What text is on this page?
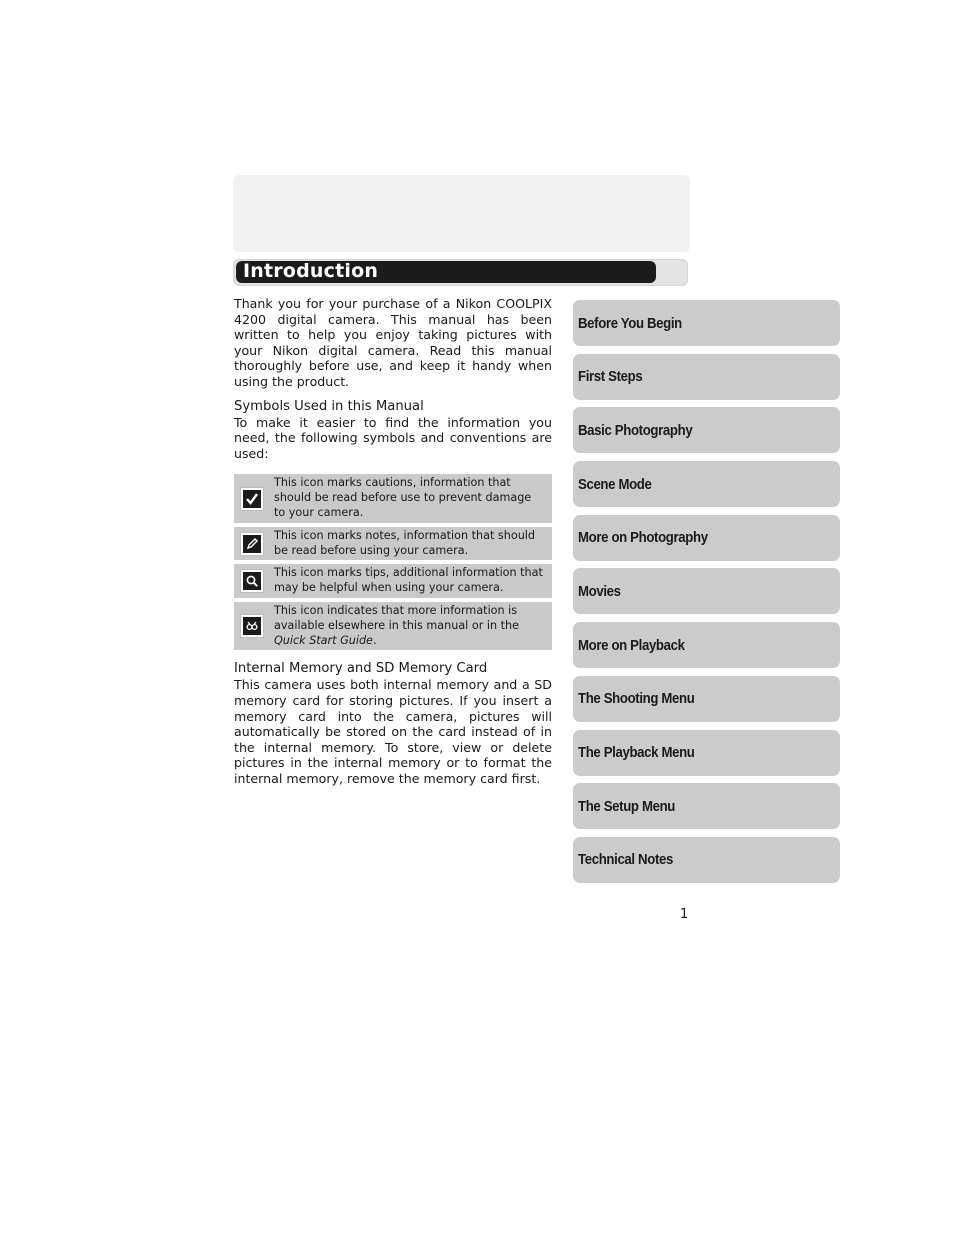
Introduction

Thank you for your purchase of a Nikon COOLPIX 4200 digital camera. This manual has been written to help you enjoy taking pictures with your Nikon digital camera. Read this manual thoroughly before use, and keep it handy when using the product.

Symbols Used in this Manual

To make it easier to find the information you need, the following symbols and conventions are used:

This icon marks cautions, information that should be read before use to prevent damage to your camera.
This icon marks notes, information that should be read before using your camera.
This icon marks tips, additional information that may be helpful when using your camera.
This icon indicates that more information is available elsewhere in this manual or in the Quick Start Guide.
Internal Memory and SD Memory Card

This camera uses both internal memory and a SD memory card for storing pictures. If you insert a memory card into the camera, pictures will automatically be stored on the card instead of in the internal memory. To store, view or delete pictures in the internal memory or to format the internal memory, remove the memory card first.

Before You Begin
First Steps
Basic Photography
Scene Mode
More on Photography
Movies
More on Playback
The Shooting Menu
The Playback Menu
The Setup Menu
Technical Notes
1
